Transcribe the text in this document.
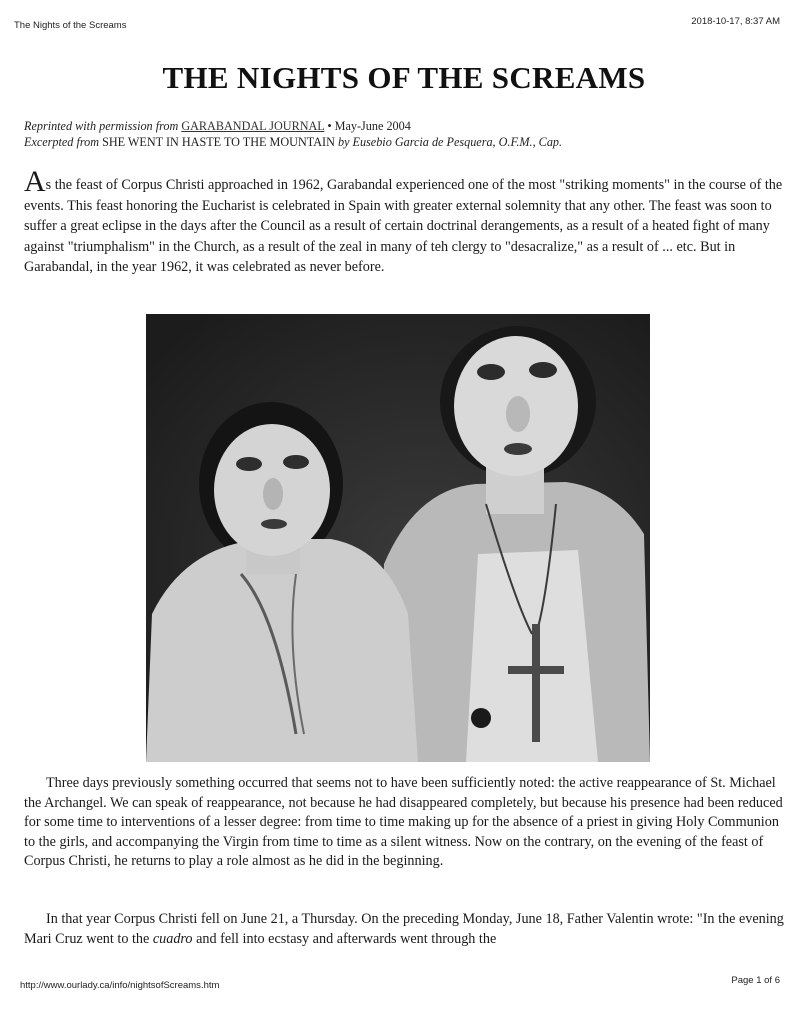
The Nights of the Screams	2018-10-17, 8:37 AM
THE NIGHTS OF THE SCREAMS
Reprinted with permission from GARABANDAL JOURNAL • May-June 2004
Excerpted from SHE WENT IN HASTE TO THE MOUNTAIN by Eusebio Garcia de Pesquera, O.F.M., Cap.
As the feast of Corpus Christi approached in 1962, Garabandal experienced one of the most "striking moments" in the course of the events. This feast honoring the Eucharist is celebrated in Spain with greater external solemnity that any other. The feast was soon to suffer a great eclipse in the days after the Council as a result of certain doctrinal derangements, as a result of a heated fight of many against "triumphalism" in the Church, as a result of the zeal in many of teh clergy to "desacralize," as a result of ... etc. But in Garabandal, in the year 1962, it was celebrated as never before.
Three days previously something occurred that seems not to have been sufficiently noted: the active reappearance of St. Michael the Archangel. We can speak of reappearance, not because he had disappeared completely, but because his presence had been reduced for some time to interventions of a lesser degree: from time to time making up for the absence of a priest in giving Holy Communion to the girls, and accompanying the Virgin from time to time as a silent witness. Now on the contrary, on the evening of the feast of Corpus Christi, he returns to play a role almost as he did in the beginning.
In that year Corpus Christi fell on June 21, a Thursday. On the preceding Monday, June 18, Father Valentin wrote: "In the evening Mari Cruz went to the cuadro and fell into ecstasy and afterwards went through the
http://www.ourlady.ca/info/nightsofScreams.htm	Page 1 of 6
